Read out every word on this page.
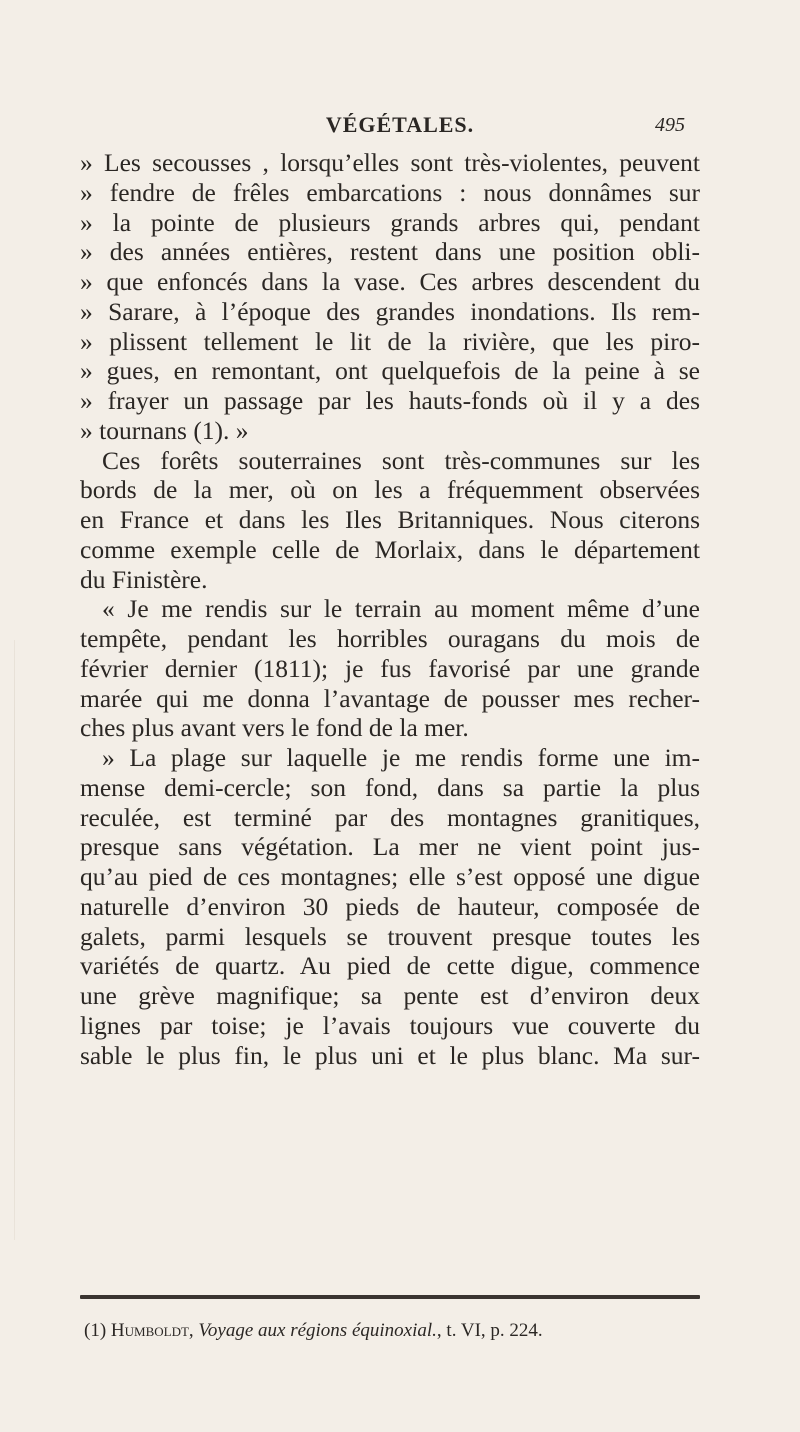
VÉGÉTALES.	495
» Les secousses , lorsqu’elles sont très-violentes, peuvent
» fendre de frêles embarcations : nous donnâmes sur
» la pointe de plusieurs grands arbres qui, pendant
» des années entières, restent dans une position obli-
» que enfoncés dans la vase. Ces arbres descendent du
» Sarare, à l’époque des grandes inondations. Ils rem-
» plissent tellement le lit de la rivière, que les piro-
» gues, en remontant, ont quelquefois de la peine à se
» frayer un passage par les hauts-fonds où il y a des
» tournans (1). »
Ces forêts souterraines sont très-communes sur les
bords de la mer, où on les a fréquemment observées
en France et dans les Iles Britanniques. Nous citerons
comme exemple celle de Morlaix, dans le département
du Finistère.
« Je me rendis sur le terrain au moment même d’une
tempête, pendant les horribles ouragans du mois de
février dernier (1811); je fus favorisé par une grande
marée qui me donna l’avantage de pousser mes recher-
ches plus avant vers le fond de la mer.
» La plage sur laquelle je me rendis forme une im-
mense demi-cercle; son fond, dans sa partie la plus
reculée, est terminé par des montagnes granitiques,
presque sans végétation. La mer ne vient point jus-
qu’au pied de ces montagnes; elle s’est opposé une digue
naturelle d’environ 30 pieds de hauteur, composée de
galets, parmi lesquels se trouvent presque toutes les
variétés de quartz. Au pied de cette digue, commence
une grève magnifique; sa pente est d’environ deux
lignes par toise; je l’avais toujours vue couverte du
sable le plus fin, le plus uni et le plus blanc. Ma sur-
(1) Humboldt, Voyage aux régions équinoxial., t. VI, p. 224.
